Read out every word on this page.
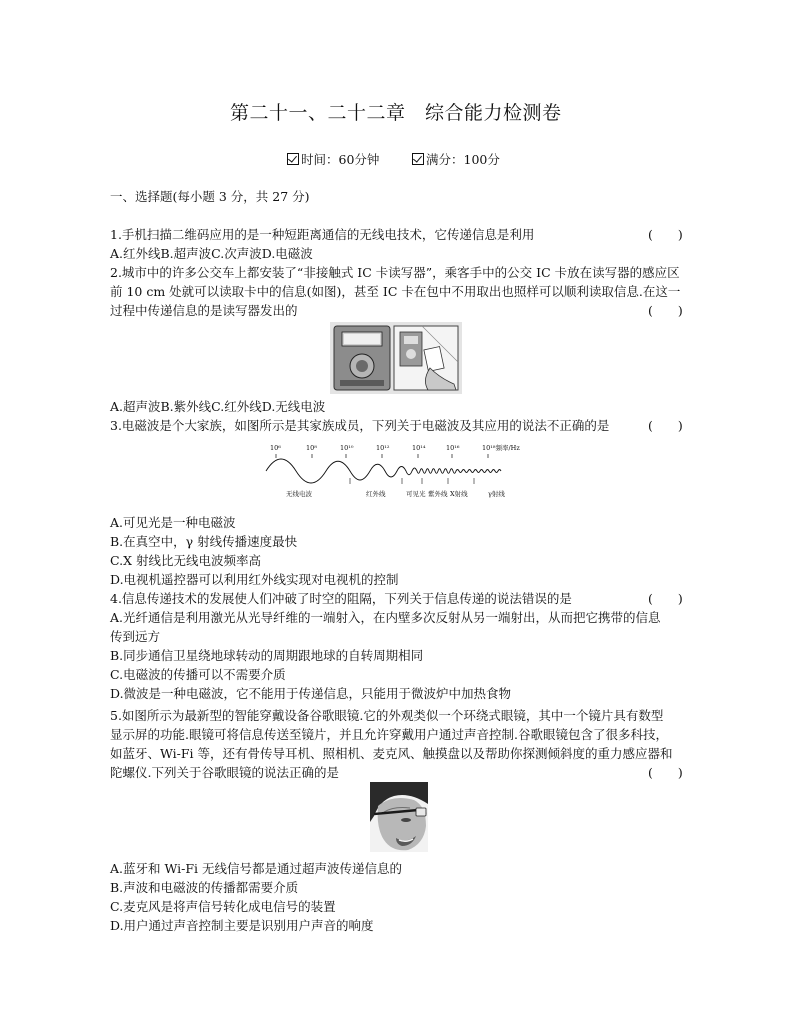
第二十一、二十二章　综合能力检测卷
时间：60分钟	满分：100分
一、选择题(每小题 3 分，共 27 分)
1.手机扫描二维码应用的是一种短距离通信的无线电技术，它传递信息是利用	(　　)
A.红外线B.超声波C.次声波D.电磁波
2.城市中的许多公交车上都安装了“非接触式 IC 卡读写器”，乘客手中的公交 IC 卡放在读写器的感应区
前 10 cm 处就可以读取卡中的信息(如图)，甚至 IC 卡在包中不用取出也照样可以顺利读取信息.在这一
过程中传递信息的是读写器发出的	(　　)
A.超声波B.紫外线C.红外线D.无线电波
3.电磁波是个大家族，如图所示是其家族成员，下列关于电磁波及其应用的说法不正确的是	(　　)
10⁶	10⁸	10¹⁰	10¹²	10¹⁴	10¹⁶	10¹⁸频率/Hz
无线电波	红外线	可见光 紫外线 X射线	γ射线
A.可见光是一种电磁波
B.在真空中，γ 射线传播速度最快
C.X 射线比无线电波频率高
D.电视机遥控器可以利用红外线实现对电视机的控制
4.信息传递技术的发展使人们冲破了时空的阻隔，下列关于信息传递的说法错误的是	(　　)
A.光纤通信是利用激光从光导纤维的一端射入，在内壁多次反射从另一端射出，从而把它携带的信息
传到远方
B.同步通信卫星绕地球转动的周期跟地球的自转周期相同
C.电磁波的传播可以不需要介质
D.微波是一种电磁波，它不能用于传递信息，只能用于微波炉中加热食物
5.如图所示为最新型的智能穿戴设备谷歌眼镜.它的外观类似一个环绕式眼镜，其中一个镜片具有数型
显示屏的功能.眼镜可将信息传送至镜片，并且允许穿戴用户通过声音控制.谷歌眼镜包含了很多科技，
如蓝牙、Wi-Fi 等，还有骨传导耳机、照相机、麦克风、触摸盘以及帮助你探测倾斜度的重力感应器和
陀螺仪.下列关于谷歌眼镜的说法正确的是	(　　)
A.蓝牙和 Wi-Fi 无线信号都是通过超声波传递信息的
B.声波和电磁波的传播都需要介质
C.麦克风是将声信号转化成电信号的装置
D.用户通过声音控制主要是识别用户声音的响度
